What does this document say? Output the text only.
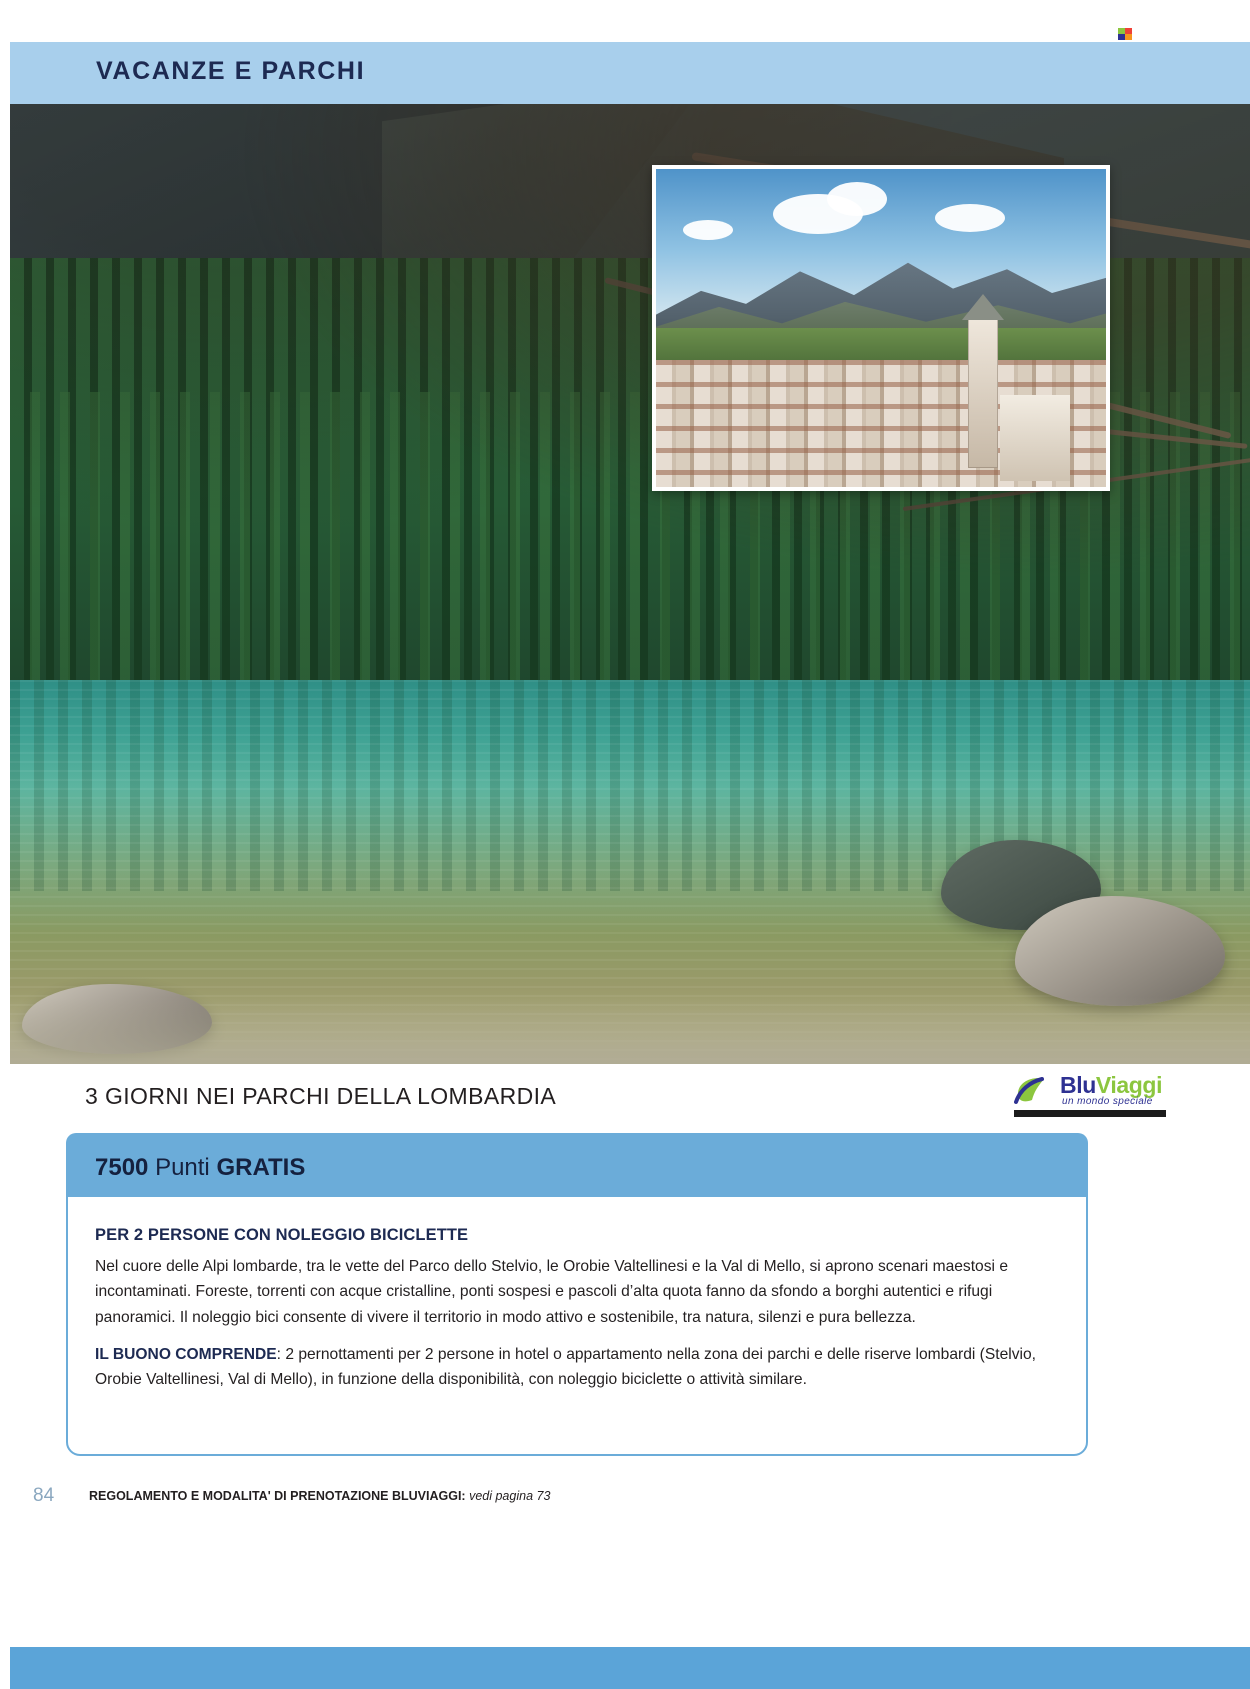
VACANZE E PARCHI
3 GIORNI NEI PARCHI DELLA LOMBARDIA	BluViaggi
un mondo speciale
7500 Punti GRATIS
PER 2 PERSONE CON NOLEGGIO BICICLETTE

Nel cuore delle Alpi lombarde, tra le vette del Parco dello Stelvio, le Orobie Valtellinesi e la Val di Mello, si aprono scenari maestosi e incontaminati. Foreste, torrenti con acque cristalline, ponti sospesi e pascoli d’alta quota fanno da sfondo a borghi autentici e rifugi panoramici. Il noleggio bici consente di vivere il territorio in modo attivo e sostenibile, tra natura, silenzi e pura bellezza.

IL BUONO COMPRENDE: 2 pernottamenti per 2 persone in hotel o appartamento nella zona dei parchi e delle riserve lombardi (Stelvio, Orobie Valtellinesi, Val di Mello), in funzione della disponibilità, con noleggio biciclette o attività similare.

84	REGOLAMENTO E MODALITA' DI PRENOTAZIONE BLUVIAGGI: vedi pagina 73
